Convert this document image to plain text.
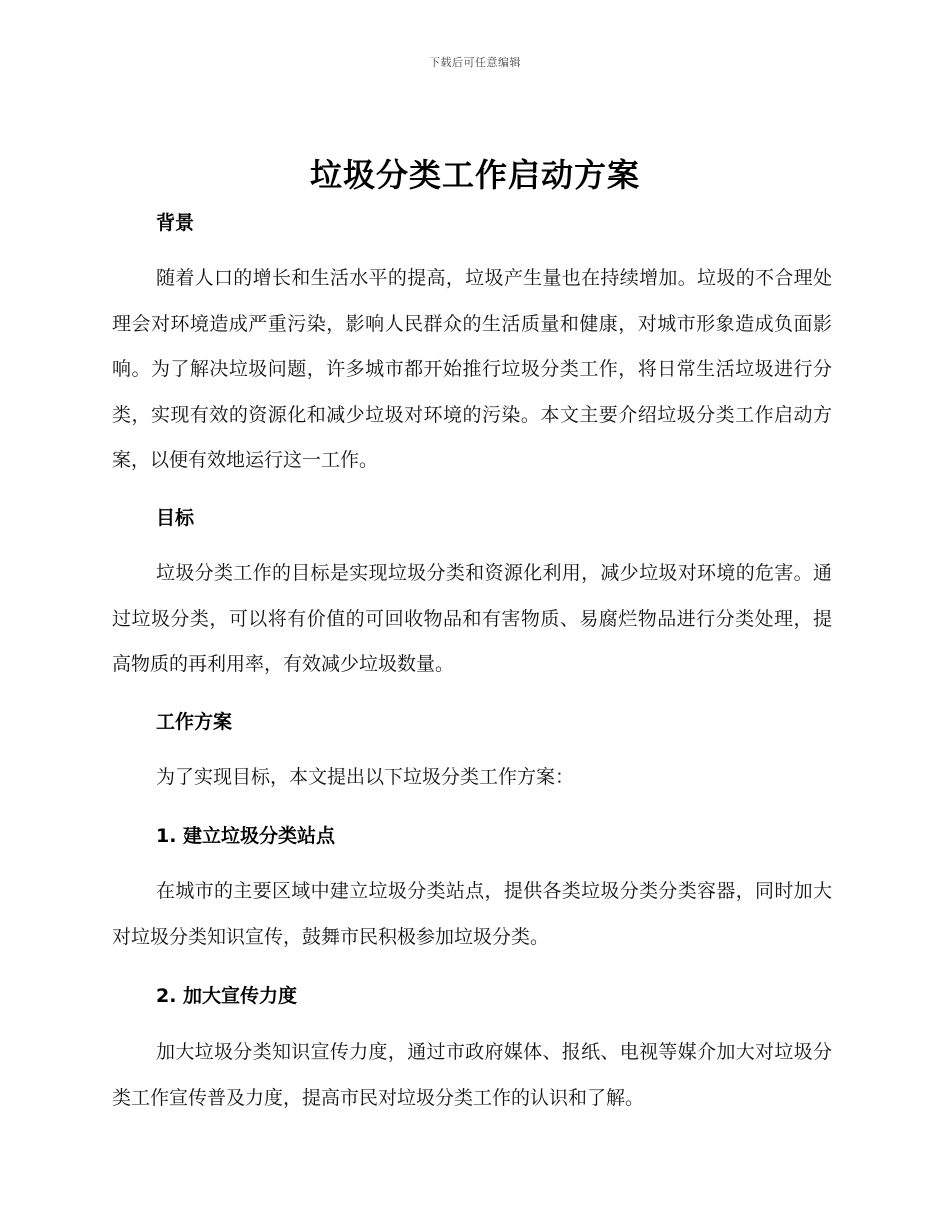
下载后可任意编辑
垃圾分类工作启动方案
背景

随着人口的增长和生活水平的提高，垃圾产生量也在持续增加。垃圾的不合理处理会对环境造成严重污染，影响人民群众的生活质量和健康，对城市形象造成负面影响。为了解决垃圾问题，许多城市都开始推行垃圾分类工作，将日常生活垃圾进行分类，实现有效的资源化和减少垃圾对环境的污染。本文主要介绍垃圾分类工作启动方案，以便有效地运行这一工作。

目标

垃圾分类工作的目标是实现垃圾分类和资源化利用，减少垃圾对环境的危害。通过垃圾分类，可以将有价值的可回收物品和有害物质、易腐烂物品进行分类处理，提高物质的再利用率，有效减少垃圾数量。

工作方案

为了实现目标，本文提出以下垃圾分类工作方案：

1. 建立垃圾分类站点

在城市的主要区域中建立垃圾分类站点，提供各类垃圾分类分类容器，同时加大对垃圾分类知识宣传，鼓舞市民积极参加垃圾分类。

2. 加大宣传力度

加大垃圾分类知识宣传力度，通过市政府媒体、报纸、电视等媒介加大对垃圾分类工作宣传普及力度，提高市民对垃圾分类工作的认识和了解。
